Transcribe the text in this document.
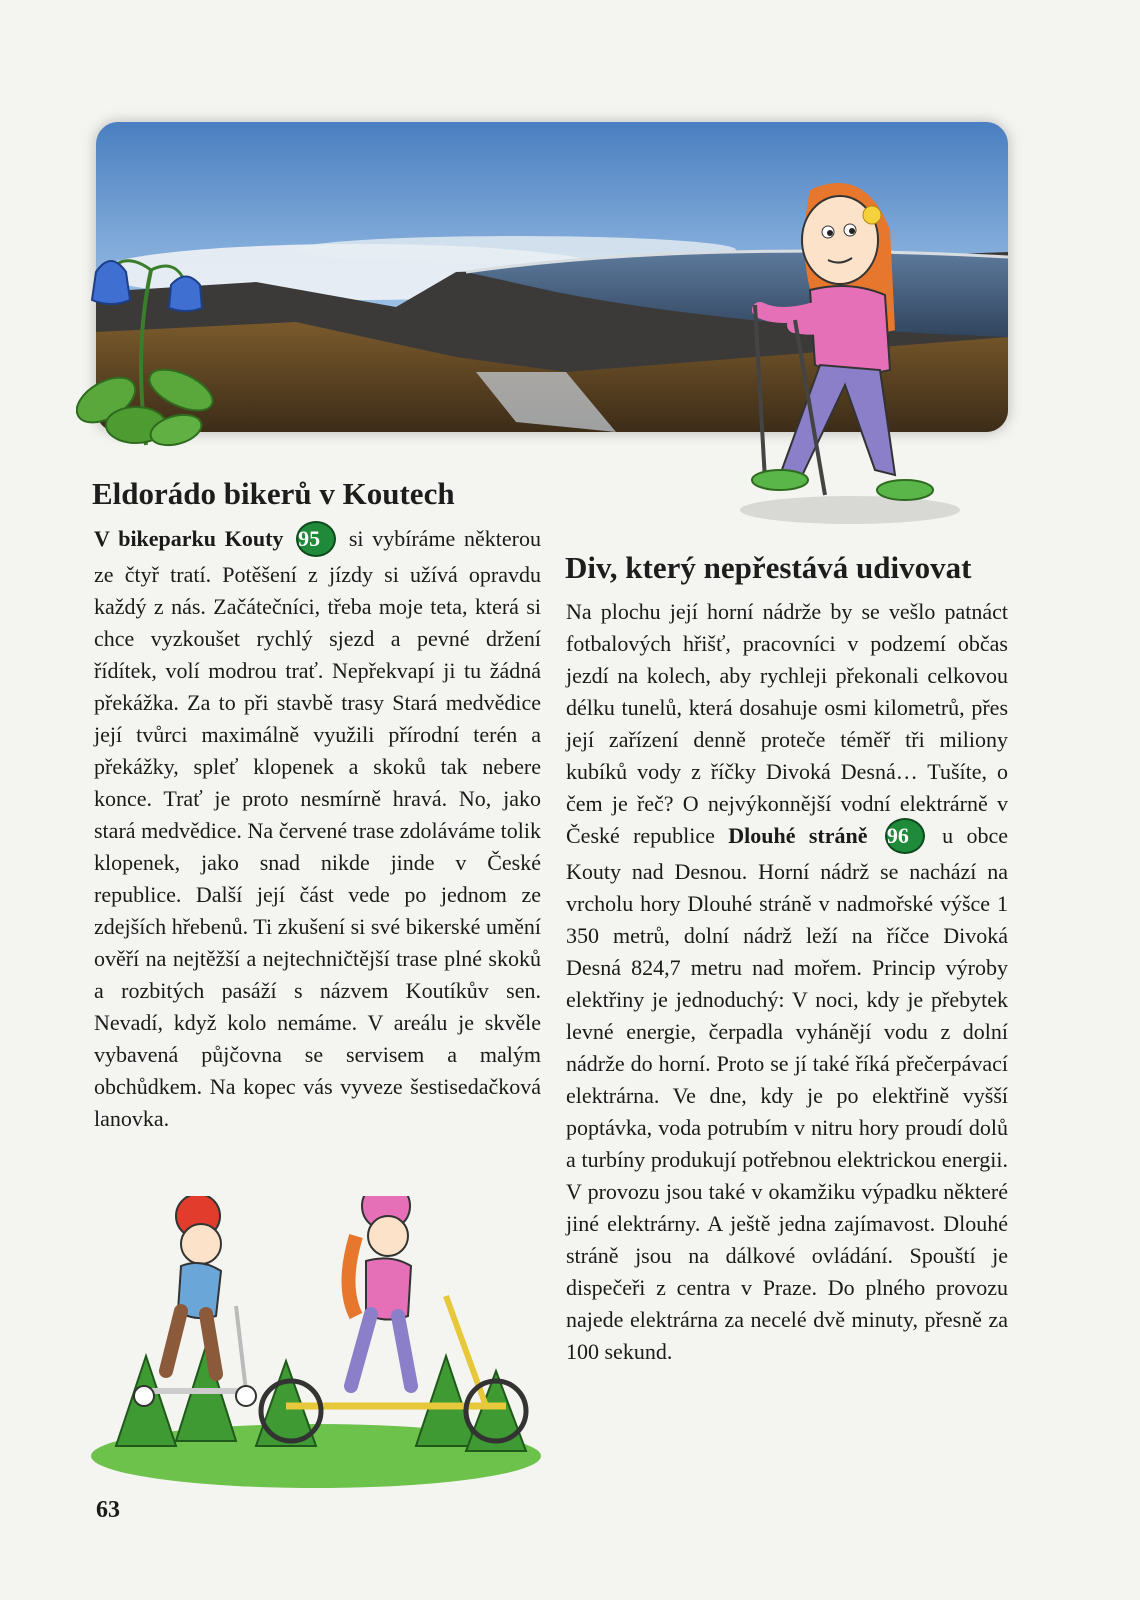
Eldorádo bikerů v Koutech

V bikeparku Kouty 95 si vybíráme některou ze čtyř tratí. Potěšení z jízdy si užívá opravdu každý z nás. Začátečníci, třeba moje teta, která si chce vyzkoušet rychlý sjezd a pevné držení řídítek, volí modrou trať. Nepřekvapí ji tu žádná překážka. Za to při stavbě trasy Stará medvědice její tvůrci maximálně využili přírodní terén a překážky, spleť klopenek a skoků tak nebere konce. Trať je proto nesmírně hravá. No, jako stará medvědice. Na červené trase zdoláváme tolik klopenek, jako snad nikde jinde v České republice. Další její část vede po jednom ze zdejších hřebenů. Ti zkušení si své bikerské umění ověří na nejtěžší a nejtechničtější trase plné skoků a rozbitých pasáží s názvem Koutíkův sen. Nevadí, když kolo nemáme. V areálu je skvěle vybavená půjčovna se servisem a malým obchůdkem. Na kopec vás vyveze šestisedačková lanovka.

Div, který nepřestává udivovat

Na plochu její horní nádrže by se vešlo patnáct fotbalových hřišť, pracovníci v podzemí občas jezdí na kolech, aby rychleji překonali celkovou délku tunelů, která dosahuje osmi kilometrů, přes její zařízení denně proteče téměř tři miliony kubíků vody z říčky Divoká Desná… Tušíte, o čem je řeč? O nejvýkonnější vodní elektrárně v České republice Dlouhé stráně 96 u obce Kouty nad Desnou. Horní nádrž se nachází na vrcholu hory Dlouhé stráně v nadmořské výšce 1 350 metrů, dolní nádrž leží na říčce Divoká Desná 824,7 metru nad mořem. Princip výroby elektřiny je jednoduchý: V noci, kdy je přebytek levné energie, čerpadla vyhánějí vodu z dolní nádrže do horní. Proto se jí také říká přečerpávací elektrárna. Ve dne, kdy je po elektřině vyšší poptávka, voda potrubím v nitru hory proudí dolů a turbíny produkují potřebnou elektrickou energii. V provozu jsou také v okamžiku výpadku některé jiné elektrárny. A ještě jedna zajímavost. Dlouhé stráně jsou na dálkové ovládání. Spouští je dispečeři z centra v Praze. Do plného provozu najede elektrárna za necelé dvě minuty, přesně za 100 sekund.

63
